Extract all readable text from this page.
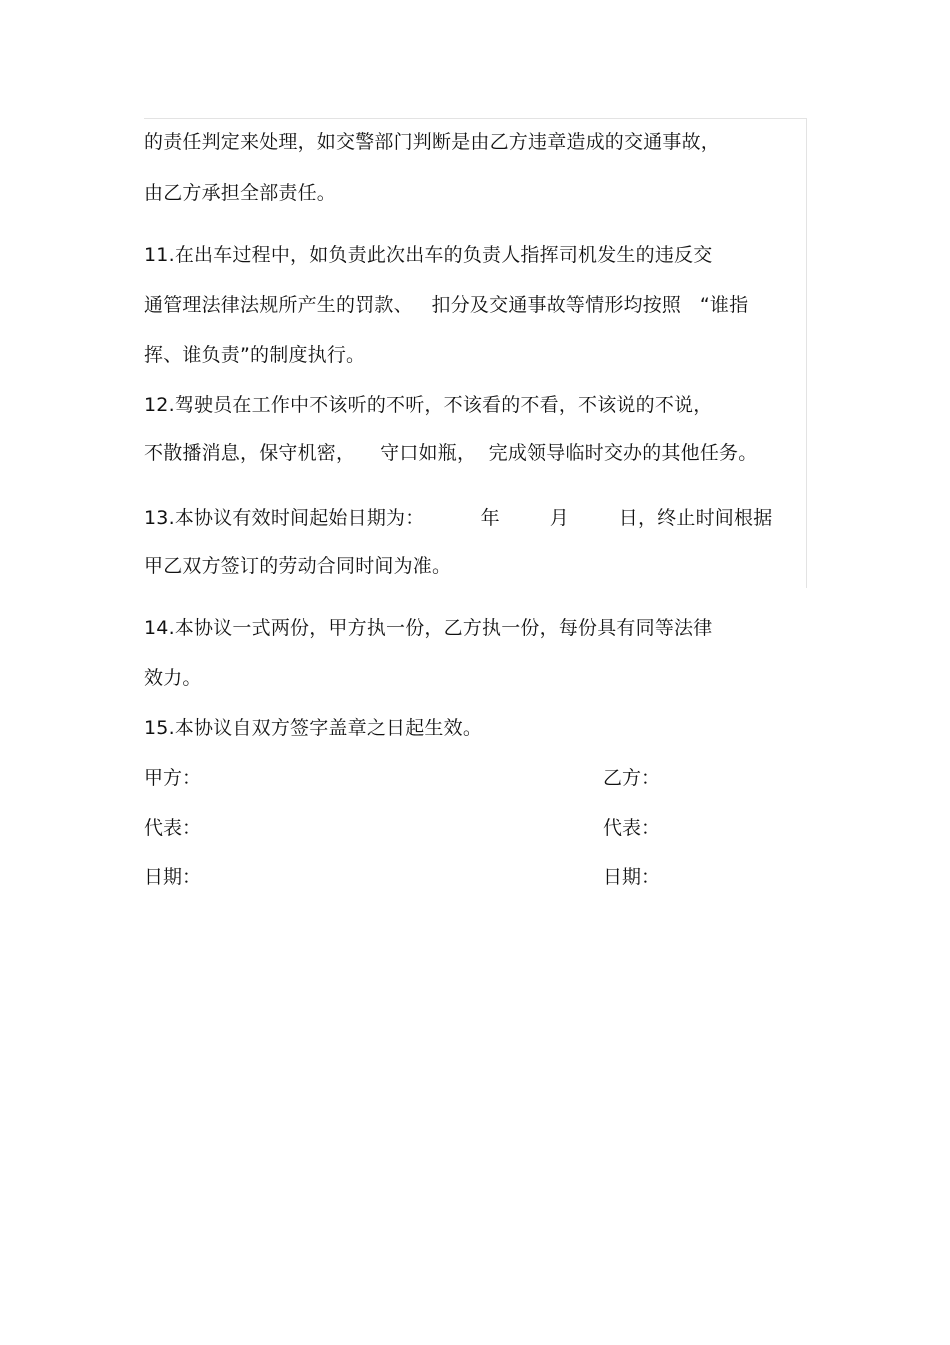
的责任判定来处理，如交警部门判断是由乙方违章造成的交通事故，
由乙方承担全部责任。
11.在出车过程中，如负责此次出车的负责人指挥司机发生的违反交
通管理法律法规所产生的罚款、   扣分及交通事故等情形均按照   “谁指
挥、谁负责”的制度执行。
12.驾驶员在工作中不该听的不听，不该看的不看，不该说的不说，
不散播消息，保守机密，    守口如瓶，  完成领导临时交办的其他任务。
13.本协议有效时间起始日期为：         年        月        日，终止时间根据
甲乙双方签订的劳动合同时间为准。
14.本协议一式两份，甲方执一份，乙方执一份，每份具有同等法律
效力。
15.本协议自双方签字盖章之日起生效。
甲方：	乙方：
代表：	代表：
日期：	日期：
